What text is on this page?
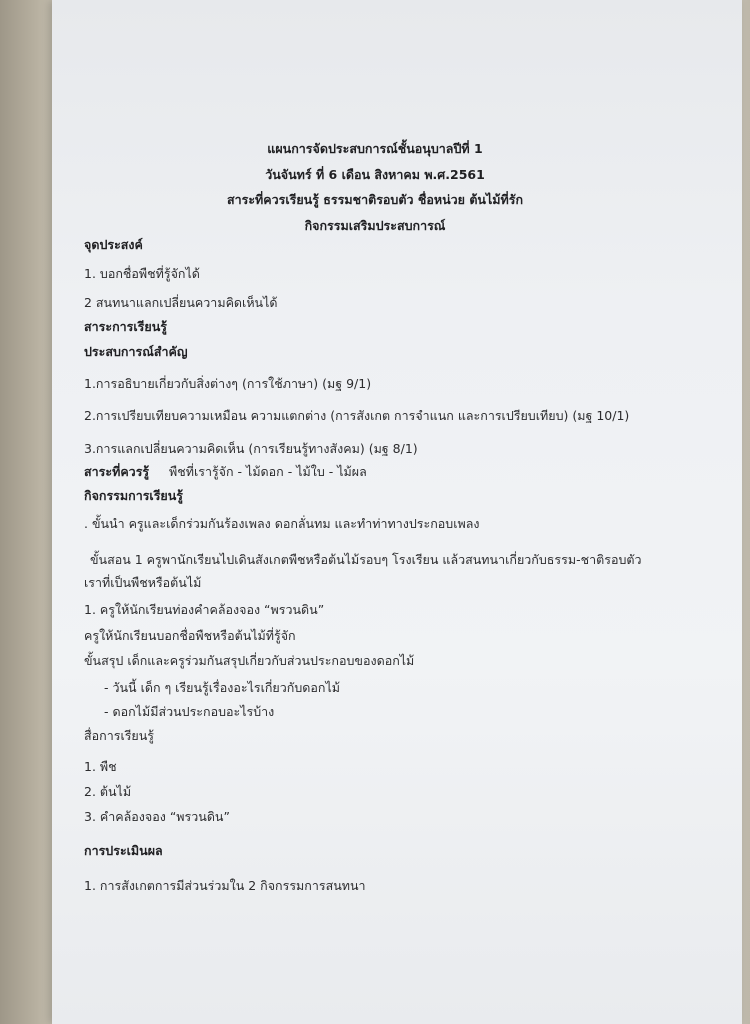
แผนการจัดประสบการณ์ชั้นอนุบาลปีที่ 1
วันจันทร์ ที่ 6 เดือน สิงหาคม พ.ศ.2561
สาระที่ควรเรียนรู้ ธรรมชาติรอบตัว ชื่อหน่วย ต้นไม้ที่รัก
กิจกรรมเสริมประสบการณ์
จุดประสงค์
1. บอกชื่อพืชที่รู้จักได้
2 สนทนาแลกเปลี่ยนความคิดเห็นได้
สาระการเรียนรู้
ประสบการณ์สำคัญ
1.การอธิบายเกี่ยวกับสิ่งต่างๆ (การใช้ภาษา) (มฐ 9/1)
2.การเปรียบเทียบความเหมือน ความแตกต่าง (การสังเกต การจำแนก และการเปรียบเทียบ) (มฐ 10/1)
3.การแลกเปลี่ยนความคิดเห็น (การเรียนรู้ทางสังคม) (มฐ 8/1)
สาระที่ควรรู้ พืชที่เรารู้จัก - ไม้ดอก - ไม้ใบ - ไม้ผล
กิจกรรมการเรียนรู้
. ขั้นนำ ครูและเด็กร่วมกันร้องเพลง ดอกลั่นทม และทำท่าทางประกอบเพลง
ขั้นสอน 1 ครูพานักเรียนไปเดินสังเกตพืชหรือต้นไม้รอบๆ โรงเรียน แล้วสนทนาเกี่ยวกับธรรม-ชาติรอบตัว
เราที่เป็นพืชหรือต้นไม้
1. ครูให้นักเรียนท่องคำคล้องจอง “พรวนดิน”
ครูให้นักเรียนบอกชื่อพืชหรือต้นไม้ที่รู้จัก
ขั้นสรุป เด็กและครูร่วมกันสรุปเกี่ยวกับส่วนประกอบของดอกไม้
- วันนี้ เด็ก ๆ เรียนรู้เรื่องอะไรเกี่ยวกับดอกไม้
- ดอกไม้มีส่วนประกอบอะไรบ้าง
สื่อการเรียนรู้
1. พืช
2. ต้นไม้
3. คำคล้องจอง “พรวนดิน”
การประเมินผล
1. การสังเกตการมีส่วนร่วมใน 2 กิจกรรมการสนทนา
